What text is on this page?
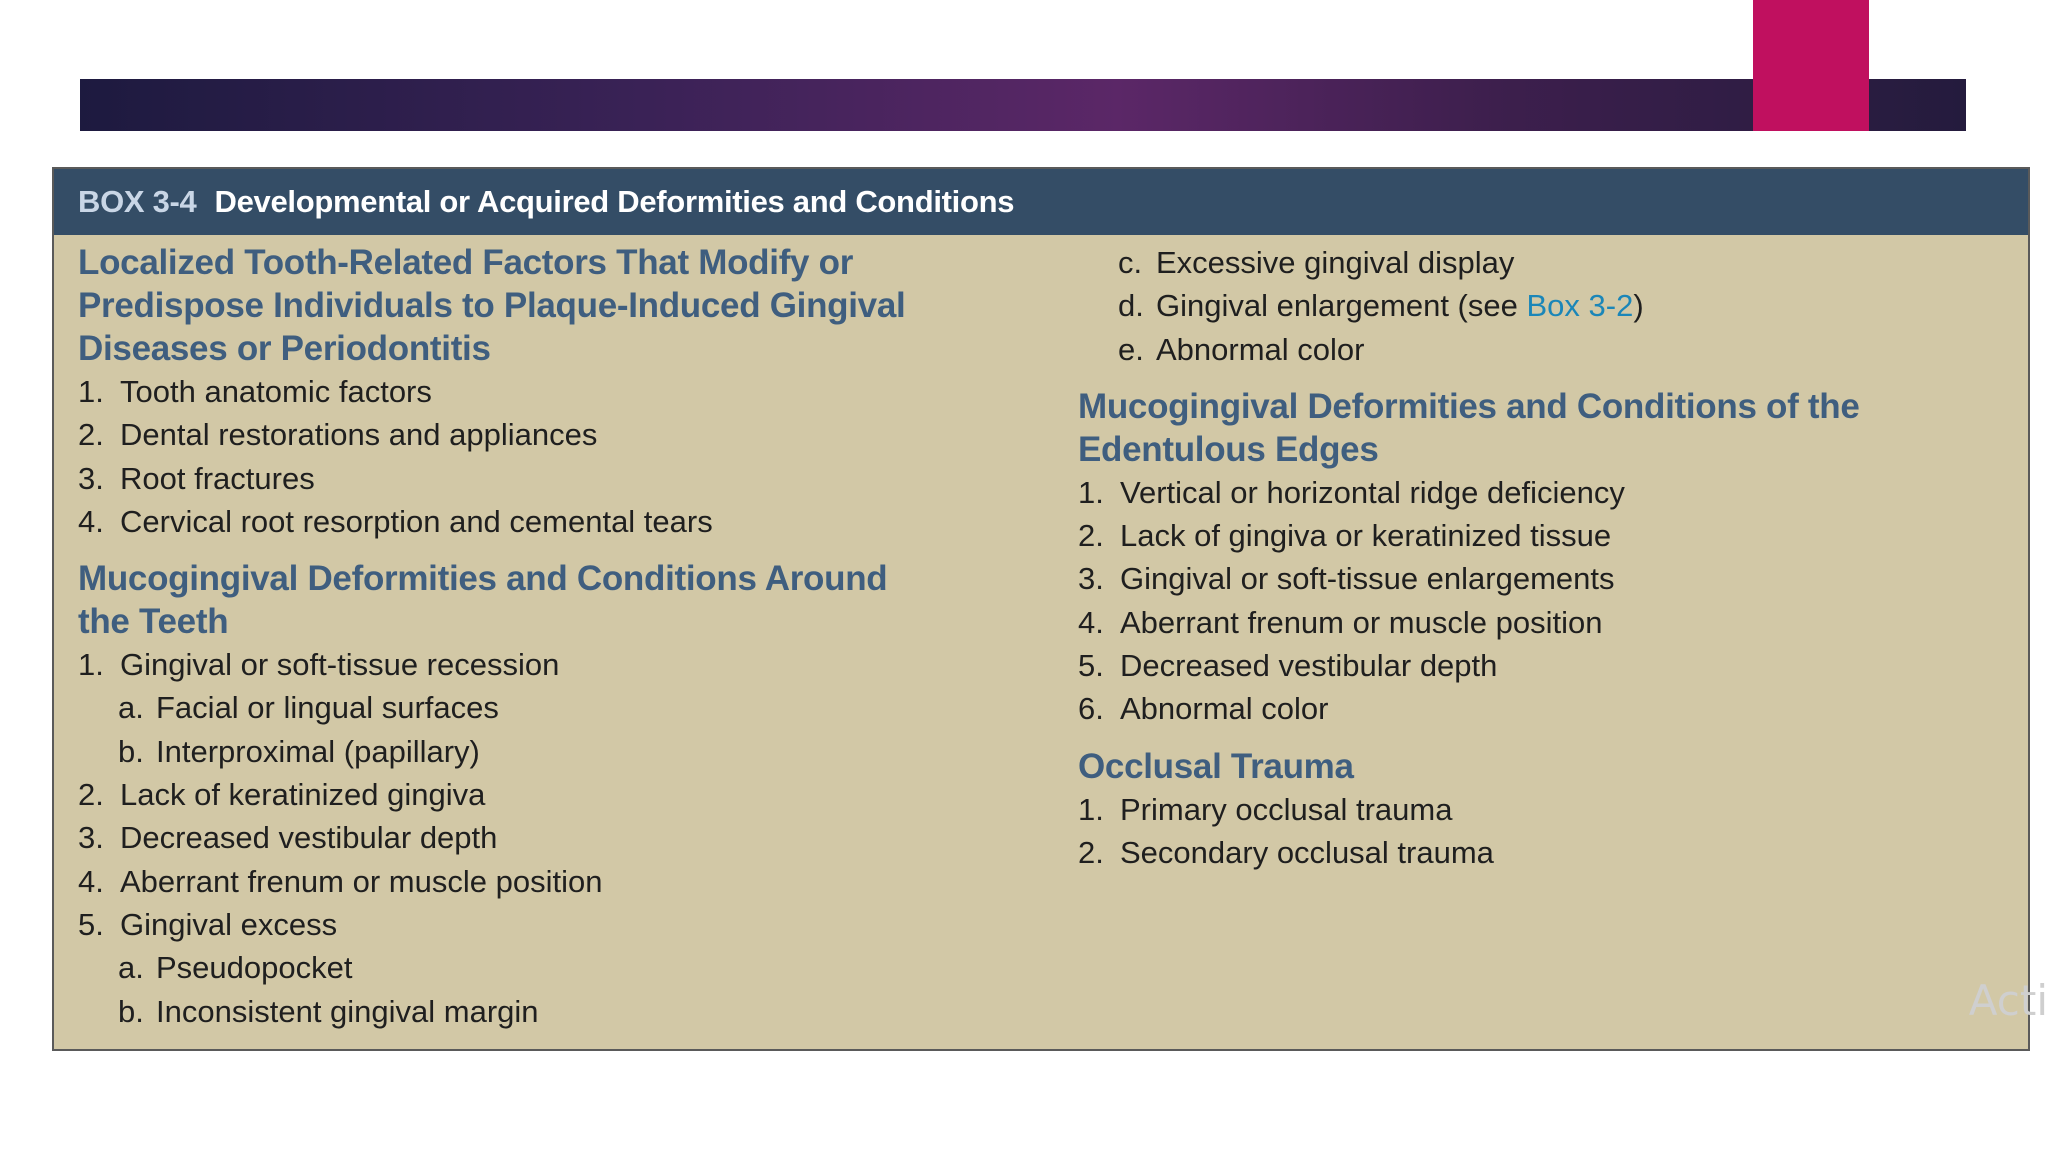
BOX 3-4 Developmental or Acquired Deformities and Conditions
Localized Tooth-Related Factors That Modify or
Predispose Individuals to Plaque-Induced Gingival
Diseases or Periodontitis
1. Tooth anatomic factors
2. Dental restorations and appliances
3. Root fractures
4. Cervical root resorption and cemental tears
Mucogingival Deformities and Conditions Around
the Teeth
1. Gingival or soft-tissue recession
a. Facial or lingual surfaces
b. Interproximal (papillary)
2. Lack of keratinized gingiva
3. Decreased vestibular depth
4. Aberrant frenum or muscle position
5. Gingival excess
a. Pseudopocket
b. Inconsistent gingival margin
c. Excessive gingival display
d. Gingival enlargement (see Box 3-2)
e. Abnormal color
Mucogingival Deformities and Conditions of the
Edentulous Edges
1. Vertical or horizontal ridge deficiency
2. Lack of gingiva or keratinized tissue
3. Gingival or soft-tissue enlargements
4. Aberrant frenum or muscle position
5. Decreased vestibular depth
6. Abnormal color
Occlusal Trauma
1. Primary occlusal trauma
2. Secondary occlusal trauma
Acti
